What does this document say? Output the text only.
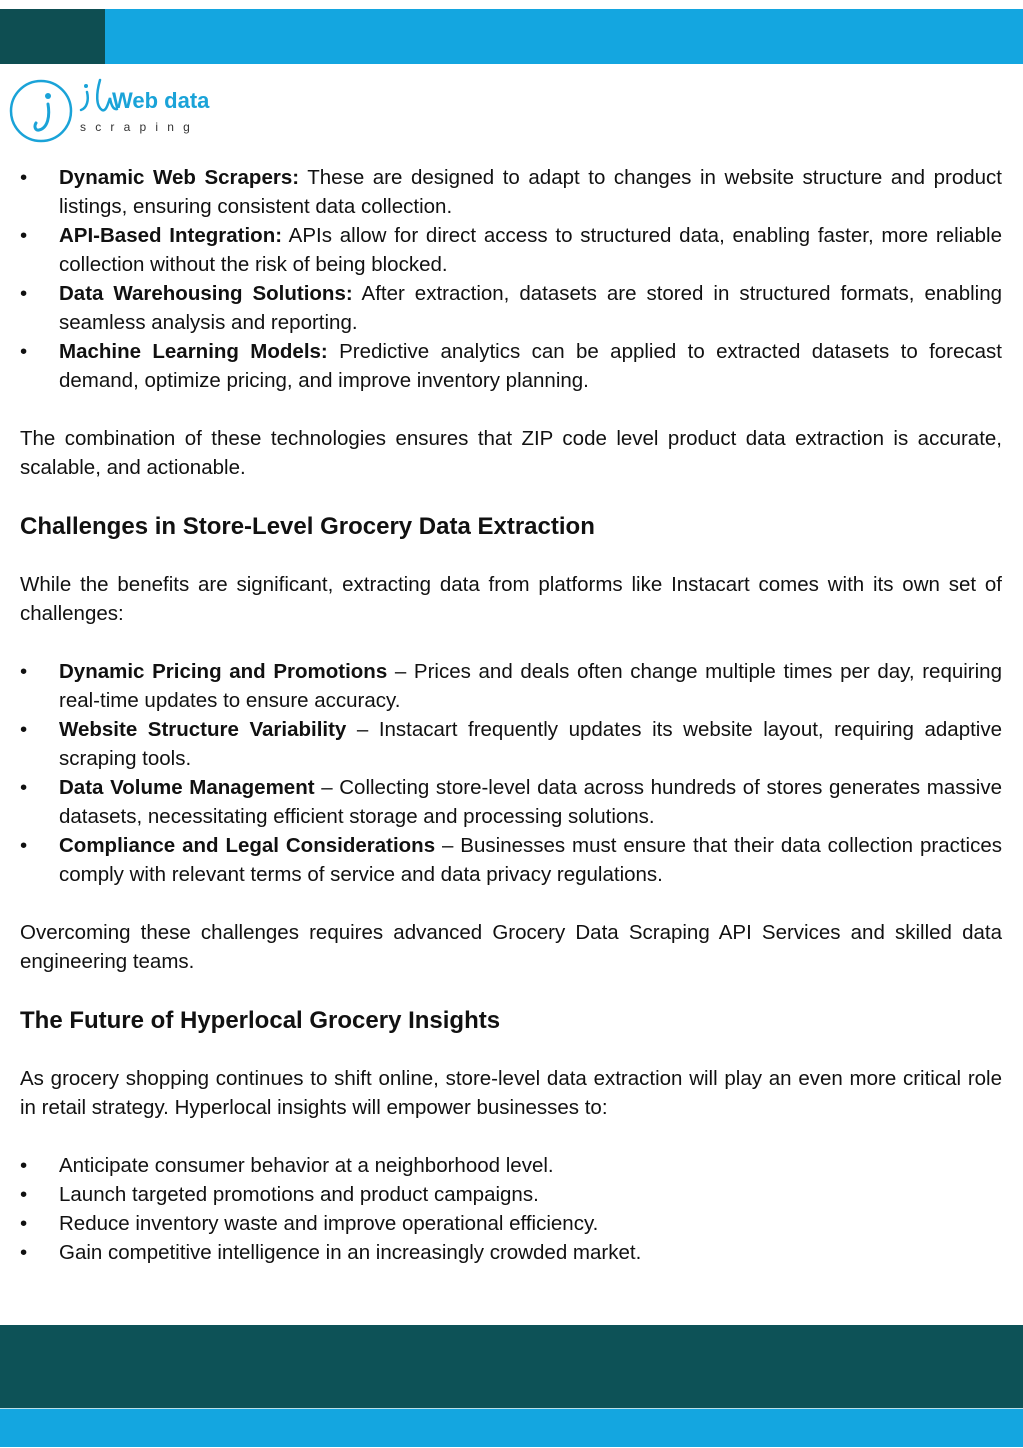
Web data
scraping
• Dynamic Web Scrapers: These are designed to adapt to changes in website structure and product listings, ensuring consistent data collection.
• API-Based Integration: APIs allow for direct access to structured data, enabling faster, more reliable collection without the risk of being blocked.
• Data Warehousing Solutions: After extraction, datasets are stored in structured formats, enabling seamless analysis and reporting.
• Machine Learning Models: Predictive analytics can be applied to extracted datasets to forecast demand, optimize pricing, and improve inventory planning.

The combination of these technologies ensures that ZIP code level product data extraction is accurate, scalable, and actionable.

Challenges in Store-Level Grocery Data Extraction

While the benefits are significant, extracting data from platforms like Instacart comes with its own set of challenges:

• Dynamic Pricing and Promotions – Prices and deals often change multiple times per day, requiring real-time updates to ensure accuracy.
• Website Structure Variability – Instacart frequently updates its website layout, requiring adaptive scraping tools.
• Data Volume Management – Collecting store-level data across hundreds of stores generates massive datasets, necessitating efficient storage and processing solutions.
• Compliance and Legal Considerations – Businesses must ensure that their data collection practices comply with relevant terms of service and data privacy regulations.

Overcoming these challenges requires advanced Grocery Data Scraping API Services and skilled data engineering teams.

The Future of Hyperlocal Grocery Insights

As grocery shopping continues to shift online, store-level data extraction will play an even more critical role in retail strategy. Hyperlocal insights will empower businesses to:

• Anticipate consumer behavior at a neighborhood level.
• Launch targeted promotions and product campaigns.
• Reduce inventory waste and improve operational efficiency.
• Gain competitive intelligence in an increasingly crowded market.
